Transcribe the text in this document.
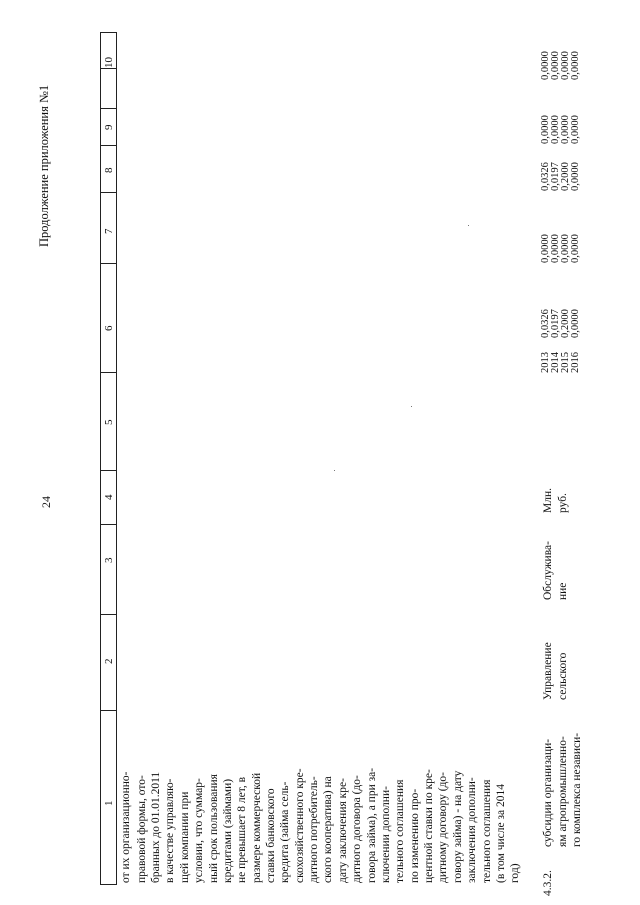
10
9
8
7
6
5
4
3
2
1
24
Продолжение приложения №1
от их организационно- правовой формы, ото- бранных до 01.01.2011 в качестве управляю- щей компании при условии, что суммар- ный срок пользования кредитами (займами) не превышает 8 лет, в размере коммерческой ставки банковского кредита (займа сель- скохозяйственного кре- дитного потребитель- ского кооператива) на дату заключения кре- дитного договора (до- говора займа), а при за- ключении дополни- тельного соглашения по изменению про- центной ставки по кре- дитному договору (до- говору займа) - на дату заключения дополни- тельного соглашения (в том числе за 2014 год) 4.3.2.
субсидии организаци- ям агропромышленно- го комплекса независи-
Управление сельского
Обслужива- ние
Млн. руб.
2013 2014 2015 2016
0,0326 0,0197 0,2000 0,0000
0,0000 0,0000 0,0000 0,0000
0,0326 0,0197 0,2000 0,0000
0,0000 0,0000 0,0000 0,0000
0,0000 0,0000 0,0000 0,0000
